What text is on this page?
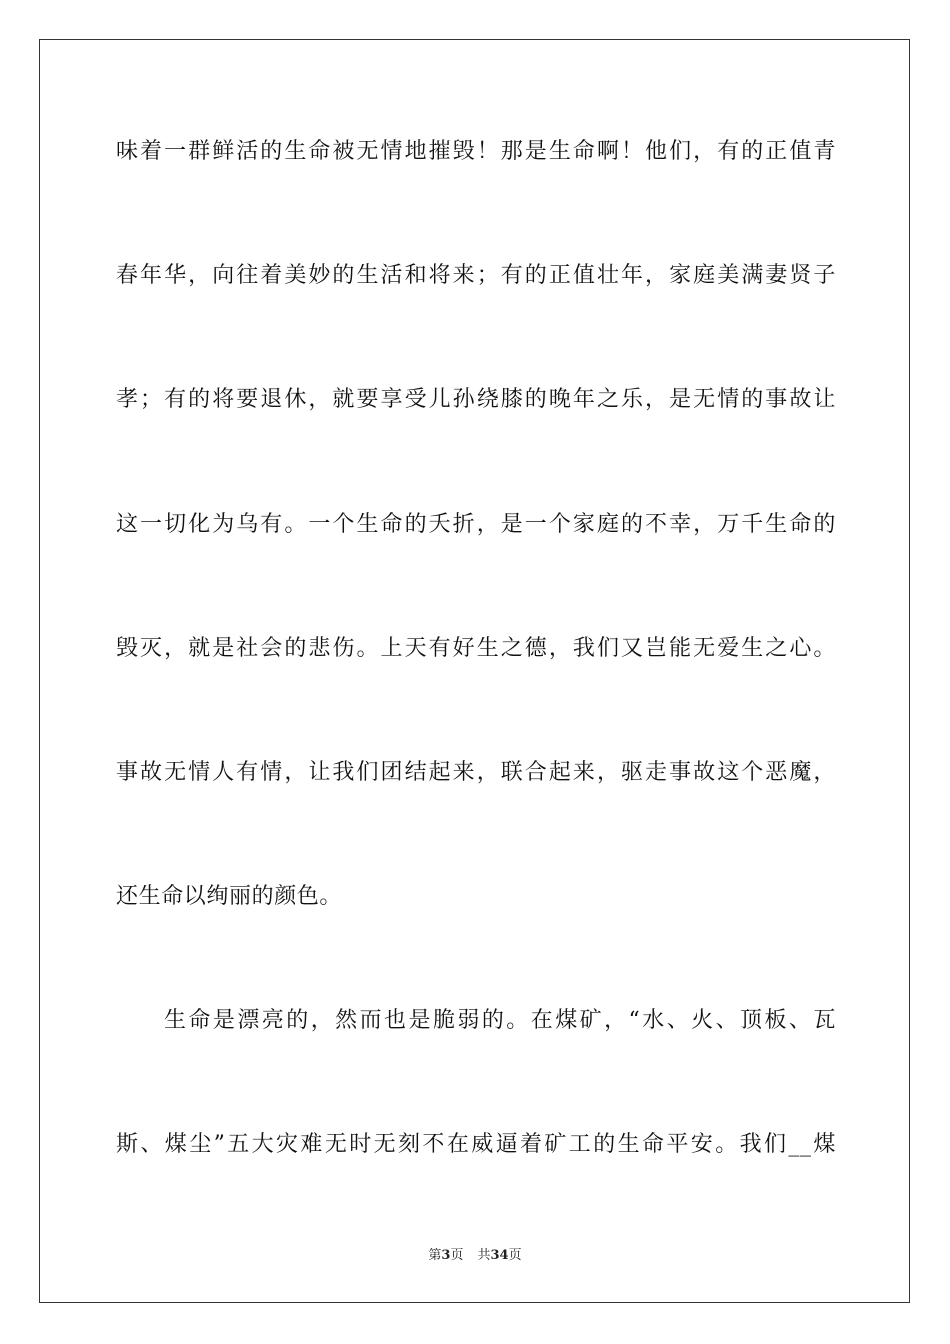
味着一群鲜活的生命被无情地摧毁！那是生命啊！他们，有的正值青
春年华，向往着美妙的生活和将来；有的正值壮年，家庭美满妻贤子
孝；有的将要退休，就要享受儿孙绕膝的晚年之乐，是无情的事故让
这一切化为乌有。一个生命的夭折，是一个家庭的不幸，万千生命的
毁灭，就是社会的悲伤。上天有好生之德，我们又岂能无爱生之心。
事故无情人有情，让我们团结起来，联合起来，驱走事故这个恶魔，
还生命以绚丽的颜色。
生命是漂亮的，然而也是脆弱的。在煤矿，“水、火、顶板、瓦
斯、煤尘”五大灾难无时无刻不在威逼着矿工的生命平安。我们__煤
第3页 共34页
